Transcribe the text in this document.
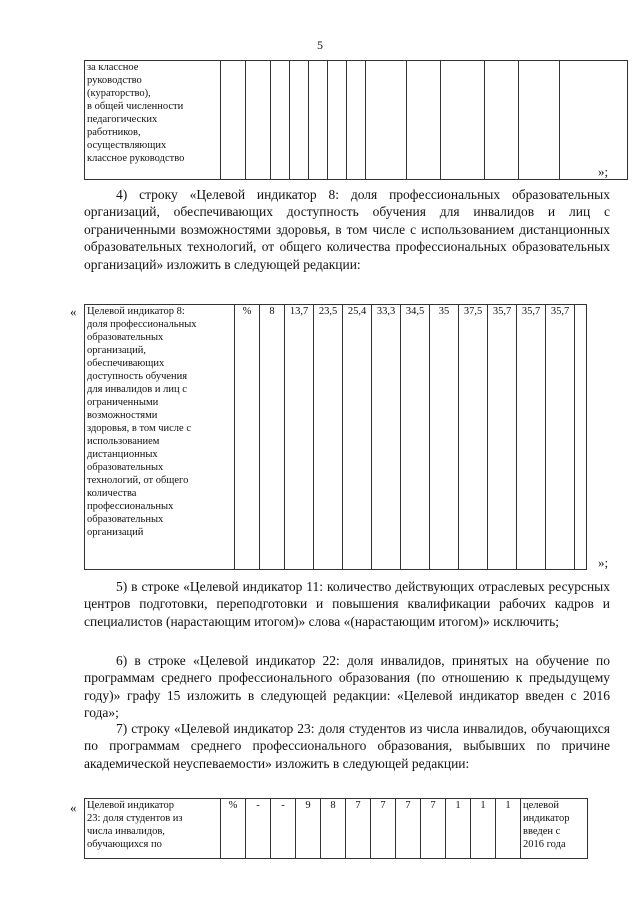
5
за классное
руководство
(кураторство),
в общей численности
педагогических
работников,
осуществляющих
классное руководство

»;
4) строку «Целевой индикатор 8: доля профессиональных образовательных организаций, обеспечивающих доступность обучения для инвалидов и лиц с ограниченными возможностями здоровья, в том числе с использованием дистанционных образовательных технологий, от общего количества профессиональных образовательных организаций» изложить в следующей редакции:
« Целевой индикатор 8:
доля профессиональных
образовательных
организаций,
обеспечивающих
доступность обучения
для инвалидов и лиц с
ограниченными
возможностями
здоровья, в том числе с
использованием
дистанционных
образовательных
технологий, от общего
количества
профессиональных
образовательных
организаций
	%	8	13,7	23,5	25,4	33,3	34,5	35	37,5	35,7	35,7	35,7	
»;
5) в строке «Целевой индикатор 11: количество действующих отраслевых ресурсных центров подготовки, переподготовки и повышения квалификации рабочих кадров и специалистов (нарастающим итогом)» слова «(нарастающим итогом)» исключить;
6) в строке «Целевой индикатор 22: доля инвалидов, принятых на обучение по программам среднего профессионального образования (по отношению к предыдущему году)» графу 15 изложить в следующей редакции: «Целевой индикатор введен с 2016 года»;
7) строку «Целевой индикатор 23: доля студентов из числа инвалидов, обучающихся по программам среднего профессионального образования, выбывших по причине академической неуспеваемости» изложить в следующей редакции:
« Целевой индикатор
23: доля студентов из
числа инвалидов,
обучающихся по
	%	-	-	9	8	7	7	7	7	1	1	1	целевой
индикатор
введен с
2016 года
